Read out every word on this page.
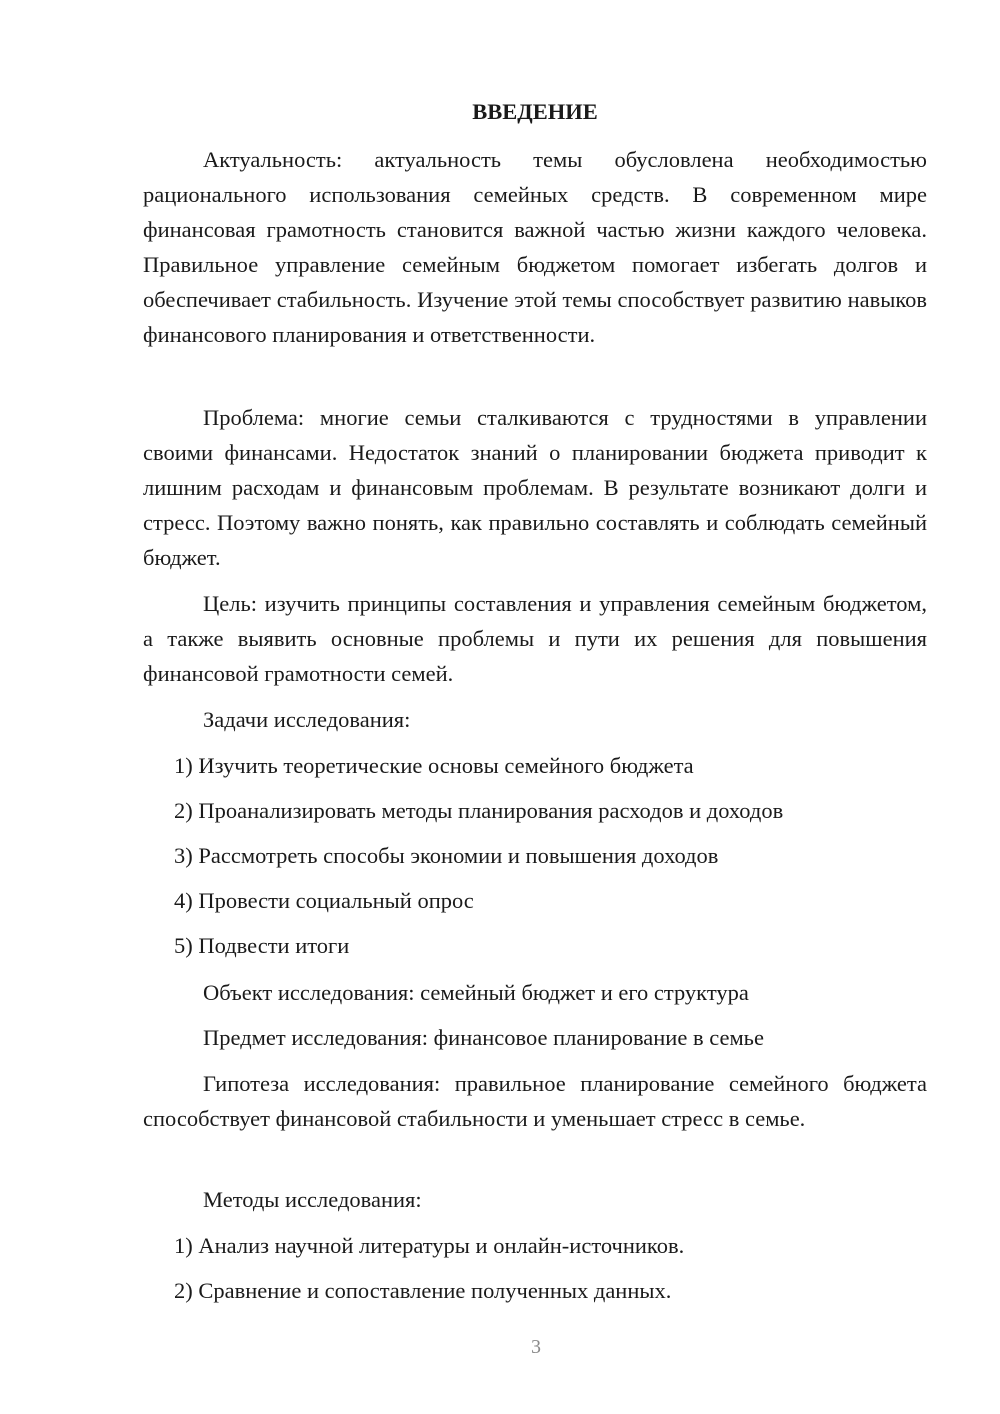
ВВЕДЕНИЕ

Актуальность: актуальность темы обусловлена необходимостью рационального использования семейных средств. В современном мире финансовая грамотность становится важной частью жизни каждого человека. Правильное управление семейным бюджетом помогает избегать долгов и обеспечивает стабильность. Изучение этой темы способствует развитию навыков финансового планирования и ответственности.

Проблема: многие семьи сталкиваются с трудностями в управлении своими финансами. Недостаток знаний о планировании бюджета приводит к лишним расходам и финансовым проблемам. В результате возникают долги и стресс. Поэтому важно понять, как правильно составлять и соблюдать семейный бюджет.

Цель: изучить принципы составления и управления семейным бюджетом, а также выявить основные проблемы и пути их решения для повышения финансовой грамотности семей.

Задачи исследования:

1) Изучить теоретические основы семейного бюджета

2) Проанализировать методы планирования расходов и доходов

3) Рассмотреть способы экономии и повышения доходов

4) Провести социальный опрос

5) Подвести итоги

Объект исследования: семейный бюджет и его структура

Предмет исследования: финансовое планирование в семье

Гипотеза исследования: правильное планирование семейного бюджета способствует финансовой стабильности и уменьшает стресс в семье.

Методы исследования:

1) Анализ научной литературы и онлайн-источников.

2) Сравнение и сопоставление полученных данных.

3
